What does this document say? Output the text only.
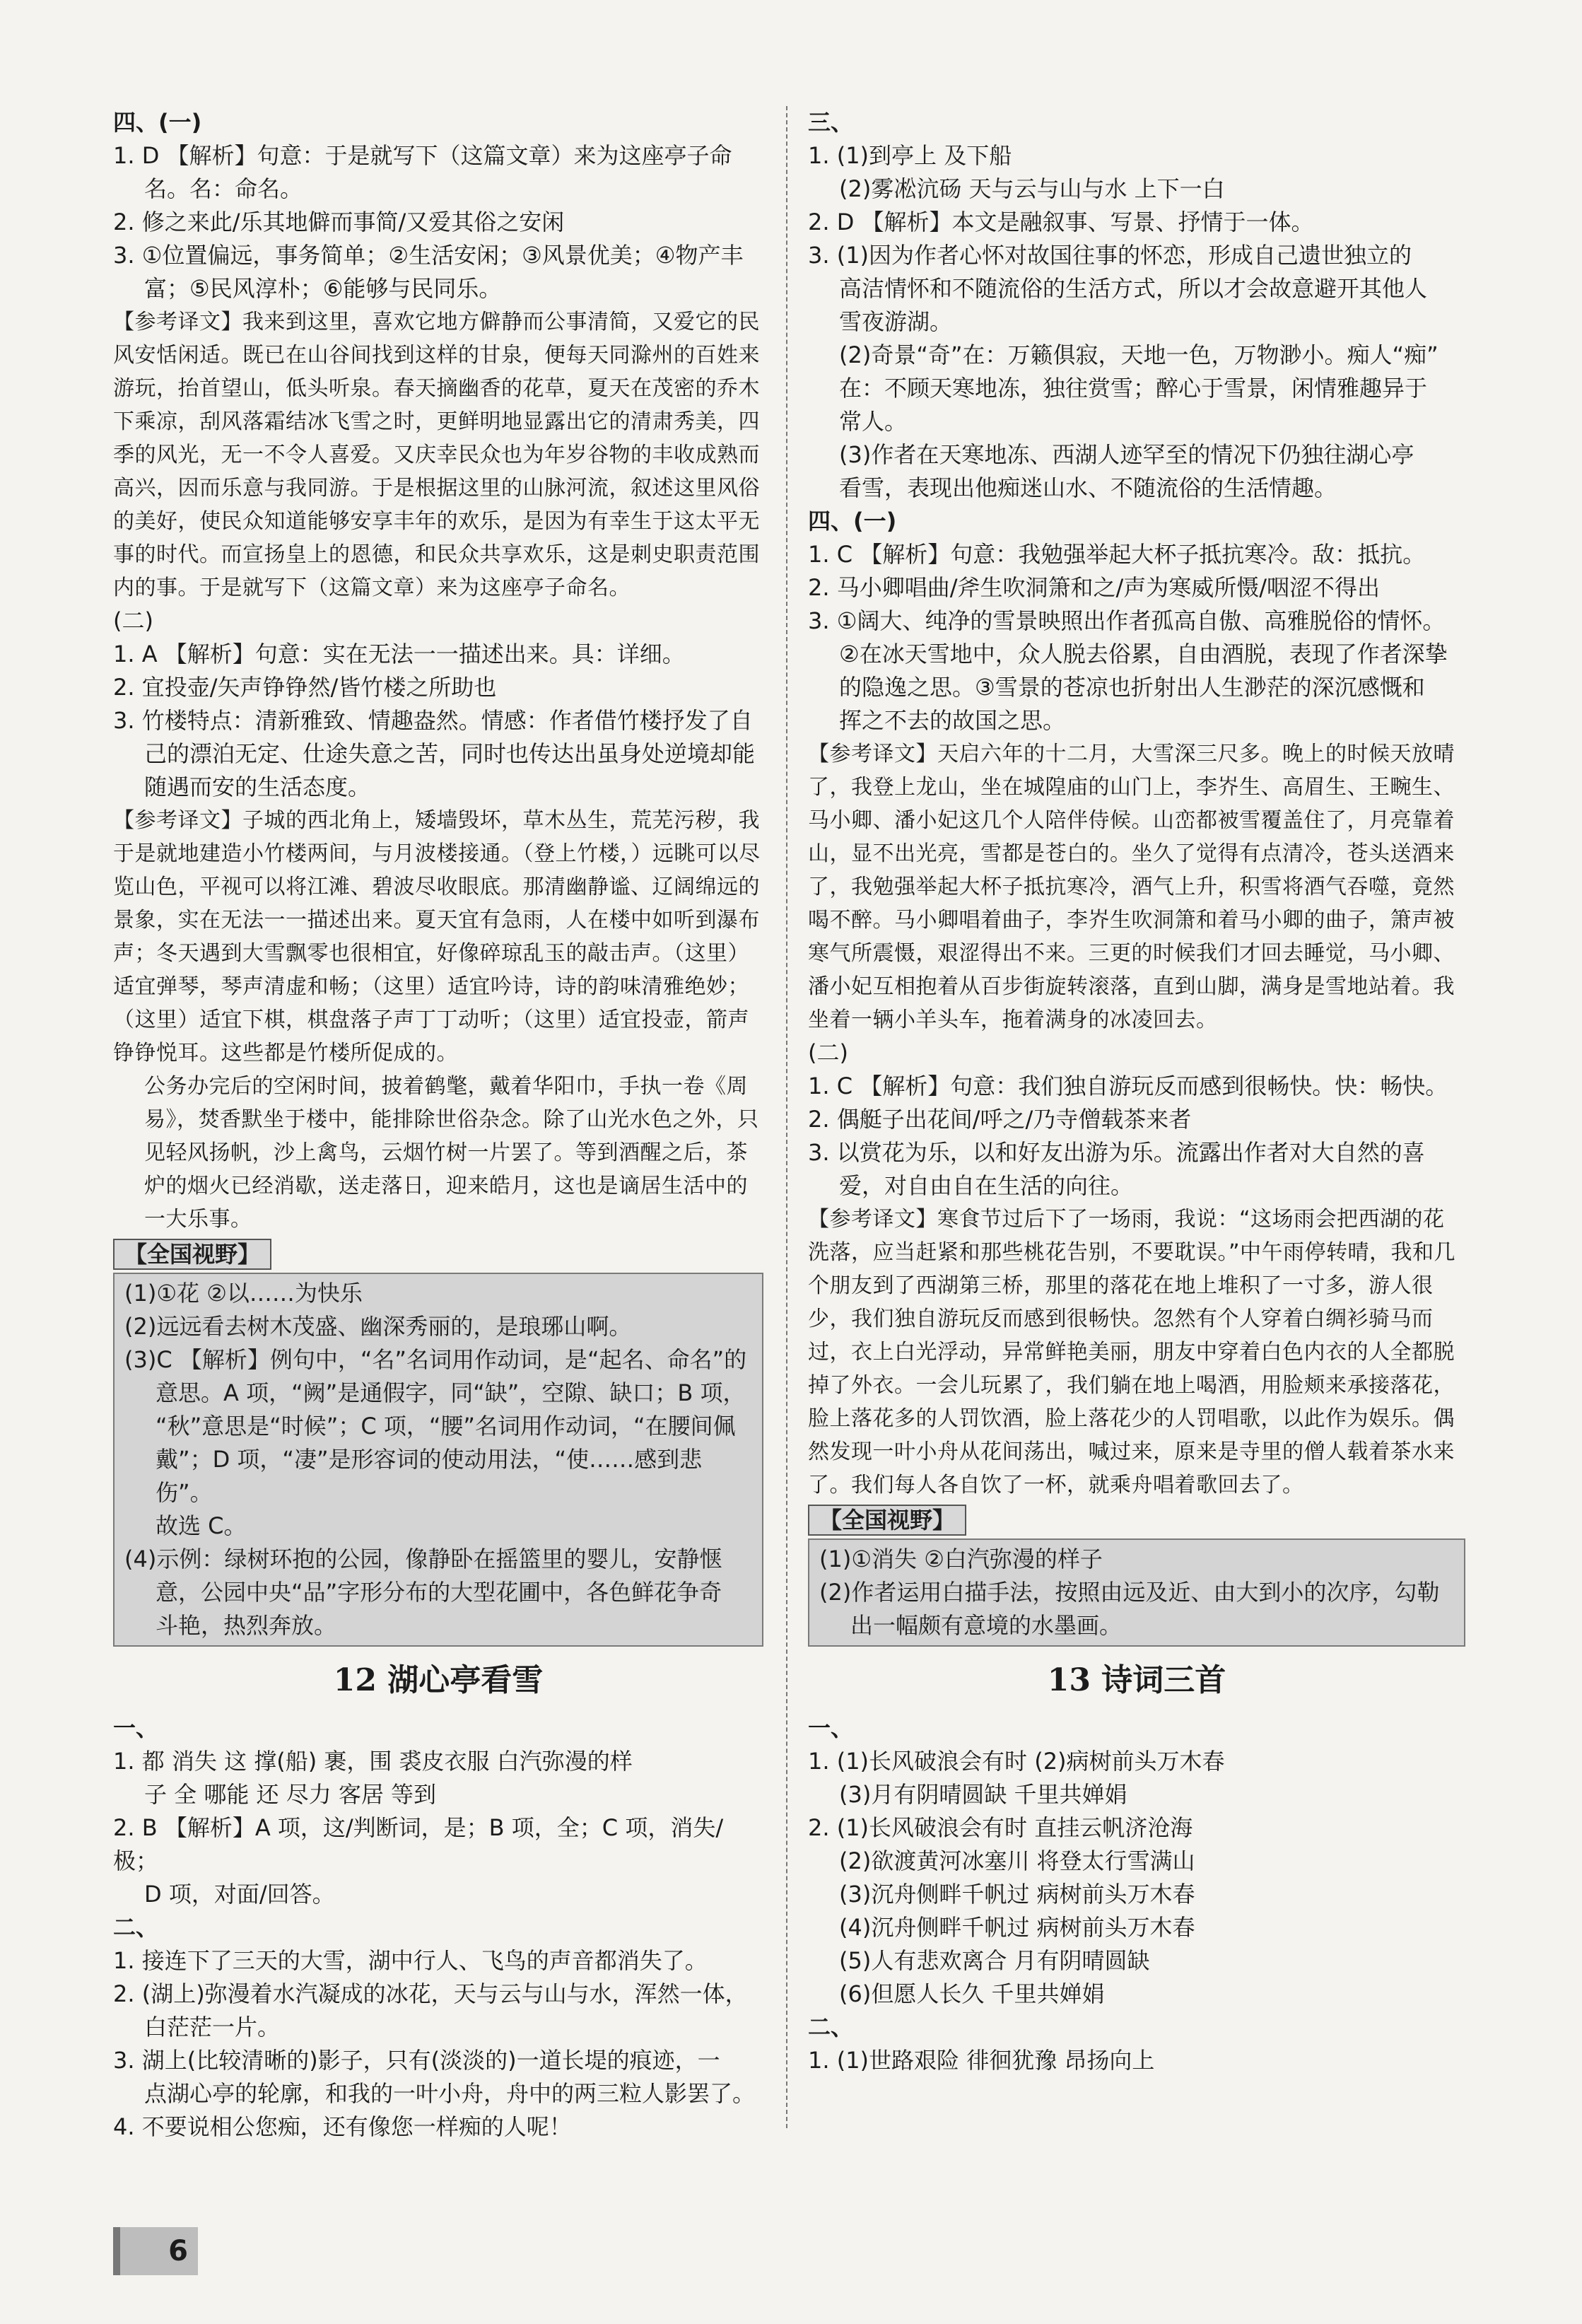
四、(一)
1. D 【解析】句意：于是就写下（这篇文章）来为这座亭子命
名。名：命名。
2. 修之来此/乐其地僻而事简/又爱其俗之安闲
3. ①位置偏远，事务简单；②生活安闲；③风景优美；④物产丰
富；⑤民风淳朴；⑥能够与民同乐。
【参考译文】我来到这里，喜欢它地方僻静而公事清简，又爱它的民风安恬闲适。既已在山谷间找到这样的甘泉，便每天同滁州的百姓来游玩，抬首望山，低头听泉。春天摘幽香的花草，夏天在茂密的乔木下乘凉，刮风落霜结冰飞雪之时，更鲜明地显露出它的清肃秀美，四季的风光，无一不令人喜爱。又庆幸民众也为年岁谷物的丰收成熟而高兴，因而乐意与我同游。于是根据这里的山脉河流，叙述这里风俗的美好，使民众知道能够安享丰年的欢乐，是因为有幸生于这太平无事的时代。而宣扬皇上的恩德，和民众共享欢乐，这是刺史职责范围内的事。于是就写下（这篇文章）来为这座亭子命名。
(二)
1. A 【解析】句意：实在无法一一描述出来。具：详细。
2. 宜投壶/矢声铮铮然/皆竹楼之所助也
3. 竹楼特点：清新雅致、情趣盎然。情感：作者借竹楼抒发了自
己的漂泊无定、仕途失意之苦，同时也传达出虽身处逆境却能
随遇而安的生活态度。
【参考译文】子城的西北角上，矮墙毁坏，草木丛生，荒芜污秽，我于是就地建造小竹楼两间，与月波楼接通。（登上竹楼，）远眺可以尽览山色，平视可以将江滩、碧波尽收眼底。那清幽静谧、辽阔绵远的景象，实在无法一一描述出来。夏天宜有急雨，人在楼中如听到瀑布声；冬天遇到大雪飘零也很相宜，好像碎琼乱玉的敲击声。（这里）适宜弹琴，琴声清虚和畅；（这里）适宜吟诗，诗的韵味清雅绝妙；（这里）适宜下棋，棋盘落子声丁丁动听；（这里）适宜投壶，箭声铮铮悦耳。这些都是竹楼所促成的。
公务办完后的空闲时间，披着鹤氅，戴着华阳巾，手执一卷《周易》，焚香默坐于楼中，能排除世俗杂念。除了山光水色之外，只见轻风扬帆，沙上禽鸟，云烟竹树一片罢了。等到酒醒之后，茶炉的烟火已经消歇，送走落日，迎来皓月，这也是谪居生活中的一大乐事。
【全国视野】
(1)①花 ②以……为快乐
(2)远远看去树木茂盛、幽深秀丽的，是琅琊山啊。
(3)C 【解析】例句中，“名”名词用作动词，是“起名、命名”的
意思。A 项，“阙”是通假字，同“缺”，空隙、缺口；B 项，
“秋”意思是“时候”；C 项，“腰”名词用作动词，“在腰间佩
戴”；D 项，“凄”是形容词的使动用法，“使……感到悲伤”。
故选 C。
(4)示例：绿树环抱的公园，像静卧在摇篮里的婴儿，安静惬
意，公园中央“品”字形分布的大型花圃中，各色鲜花争奇
斗艳，热烈奔放。
12 湖心亭看雪
一、
1. 都 消失 这 撑(船) 裹，围 裘皮衣服 白汽弥漫的样
子 全 哪能 还 尽力 客居 等到
2. B 【解析】A 项，这/判断词，是；B 项，全；C 项，消失/极；
D 项，对面/回答。
二、
1. 接连下了三天的大雪，湖中行人、飞鸟的声音都消失了。
2. (湖上)弥漫着水汽凝成的冰花，天与云与山与水，浑然一体，
白茫茫一片。
3. 湖上(比较清晰的)影子，只有(淡淡的)一道长堤的痕迹，一
点湖心亭的轮廓，和我的一叶小舟，舟中的两三粒人影罢了。
4. 不要说相公您痴，还有像您一样痴的人呢！
三、
1. (1)到亭上 及下船
(2)雾凇沆砀 天与云与山与水 上下一白
2. D 【解析】本文是融叙事、写景、抒情于一体。
3. (1)因为作者心怀对故国往事的怀恋，形成自己遗世独立的
高洁情怀和不随流俗的生活方式，所以才会故意避开其他人
雪夜游湖。
(2)奇景“奇”在：万籁俱寂，天地一色，万物渺小。痴人“痴”
在：不顾天寒地冻，独往赏雪；醉心于雪景，闲情雅趣异于
常人。
(3)作者在天寒地冻、西湖人迹罕至的情况下仍独往湖心亭
看雪，表现出他痴迷山水、不随流俗的生活情趣。
四、(一)
1. C 【解析】句意：我勉强举起大杯子抵抗寒冷。敌：抵抗。
2. 马小卿唱曲/斧生吹洞箫和之/声为寒威所慑/咽涩不得出
3. ①阔大、纯净的雪景映照出作者孤高自傲、高雅脱俗的情怀。
②在冰天雪地中，众人脱去俗累，自由酒脱，表现了作者深挚
的隐逸之思。③雪景的苍凉也折射出人生渺茫的深沉感慨和
挥之不去的故国之思。
【参考译文】天启六年的十二月，大雪深三尺多。晚上的时候天放晴了，我登上龙山，坐在城隍庙的山门上，李岕生、高眉生、王畹生、马小卿、潘小妃这几个人陪伴侍候。山峦都被雪覆盖住了，月亮靠着山，显不出光亮，雪都是苍白的。坐久了觉得有点清冷，苍头送酒来了，我勉强举起大杯子抵抗寒冷，酒气上升，积雪将酒气吞噬，竟然喝不醉。马小卿唱着曲子，李岕生吹洞箫和着马小卿的曲子，箫声被寒气所震慑，艰涩得出不来。三更的时候我们才回去睡觉，马小卿、潘小妃互相抱着从百步街旋转滚落，直到山脚，满身是雪地站着。我坐着一辆小羊头车，拖着满身的冰凌回去。
(二)
1. C 【解析】句意：我们独自游玩反而感到很畅快。快：畅快。
2. 偶艇子出花间/呼之/乃寺僧载茶来者
3. 以赏花为乐，以和好友出游为乐。流露出作者对大自然的喜
爱，对自由自在生活的向往。
【参考译文】寒食节过后下了一场雨，我说：“这场雨会把西湖的花洗落，应当赶紧和那些桃花告别，不要耽误。”中午雨停转晴，我和几个朋友到了西湖第三桥，那里的落花在地上堆积了一寸多，游人很少，我们独自游玩反而感到很畅快。忽然有个人穿着白绸衫骑马而过，衣上白光浮动，异常鲜艳美丽，朋友中穿着白色内衣的人全都脱掉了外衣。一会儿玩累了，我们躺在地上喝酒，用脸颊来承接落花，脸上落花多的人罚饮酒，脸上落花少的人罚唱歌，以此作为娱乐。偶然发现一叶小舟从花间荡出，喊过来，原来是寺里的僧人载着茶水来了。我们每人各自饮了一杯，就乘舟唱着歌回去了。
【全国视野】
(1)①消失 ②白汽弥漫的样子
(2)作者运用白描手法，按照由远及近、由大到小的次序，勾勒
出一幅颇有意境的水墨画。
13 诗词三首
一、
1. (1)长风破浪会有时 (2)病树前头万木春
(3)月有阴晴圆缺 千里共婵娟
2. (1)长风破浪会有时 直挂云帆济沧海
(2)欲渡黄河冰塞川 将登太行雪满山
(3)沉舟侧畔千帆过 病树前头万木春
(4)沉舟侧畔千帆过 病树前头万木春
(5)人有悲欢离合 月有阴晴圆缺
(6)但愿人长久 千里共婵娟
二、
1. (1)世路艰险 徘徊犹豫 昂扬向上
6
